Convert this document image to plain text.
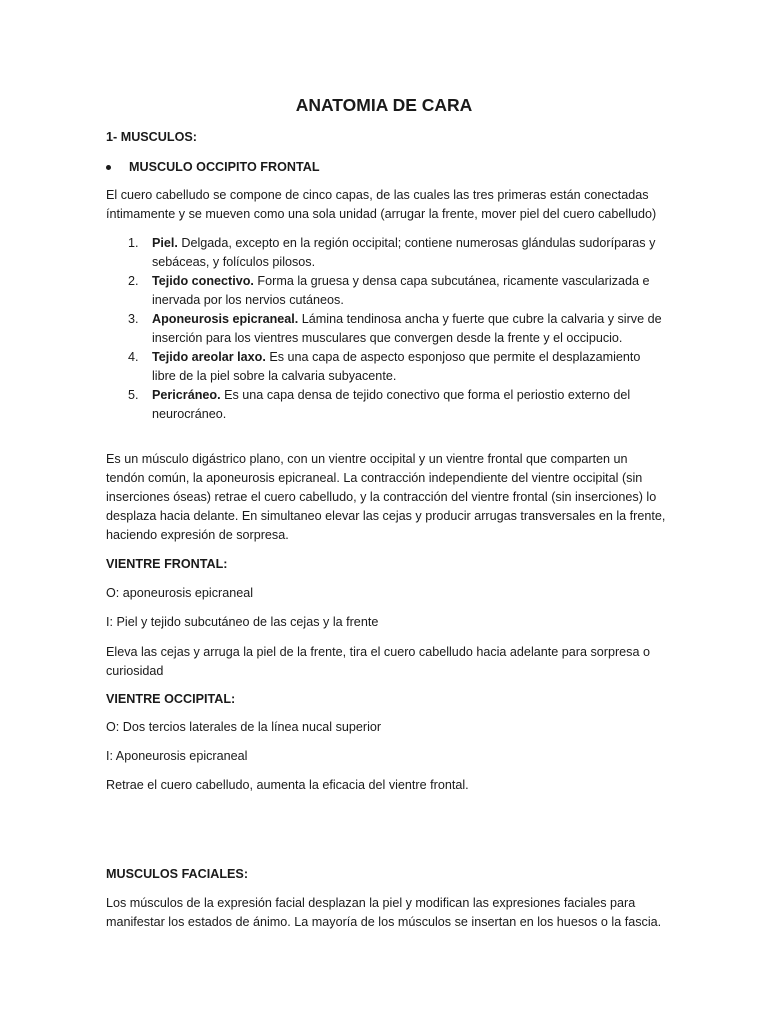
ANATOMIA DE CARA

1- MUSCULOS:

MUSCULO OCCIPITO FRONTAL

El cuero cabelludo se compone de cinco capas, de las cuales las tres primeras están conectadas íntimamente y se mueven como una sola unidad (arrugar la frente, mover piel del cuero cabelludo)

1. Piel. Delgada, excepto en la región occipital; contiene numerosas glándulas sudoríparas y sebáceas, y folículos pilosos.
2. Tejido conectivo. Forma la gruesa y densa capa subcutánea, ricamente vascularizada e inervada por los nervios cutáneos.
3. Aponeurosis epicraneal. Lámina tendinosa ancha y fuerte que cubre la calvaria y sirve de inserción para los vientres musculares que convergen desde la frente y el occipucio.
4. Tejido areolar laxo. Es una capa de aspecto esponjoso que permite el desplazamiento libre de la piel sobre la calvaria subyacente.
5. Pericráneo. Es una capa densa de tejido conectivo que forma el periostio externo del neurocráneo.

Es un músculo digástrico plano, con un vientre occipital y un vientre frontal que comparten un tendón común, la aponeurosis epicraneal. La contracción independiente del vientre occipital (sin inserciones óseas) retrae el cuero cabelludo, y la contracción del vientre frontal (sin inserciones) lo desplaza hacia delante. En simultaneo elevar las cejas y producir arrugas transversales en la frente, haciendo expresión de sorpresa.

VIENTRE FRONTAL:

O: aponeurosis epicraneal

I: Piel y tejido subcutáneo de las cejas y la frente

Eleva las cejas y arruga la piel de la frente, tira el cuero cabelludo hacia adelante para sorpresa o curiosidad

VIENTRE OCCIPITAL:

O: Dos tercios laterales de la línea nucal superior

I: Aponeurosis epicraneal

Retrae el cuero cabelludo, aumenta la eficacia del vientre frontal.

MUSCULOS FACIALES:

Los músculos de la expresión facial desplazan la piel y modifican las expresiones faciales para manifestar los estados de ánimo. La mayoría de los músculos se insertan en los huesos o la fascia.
